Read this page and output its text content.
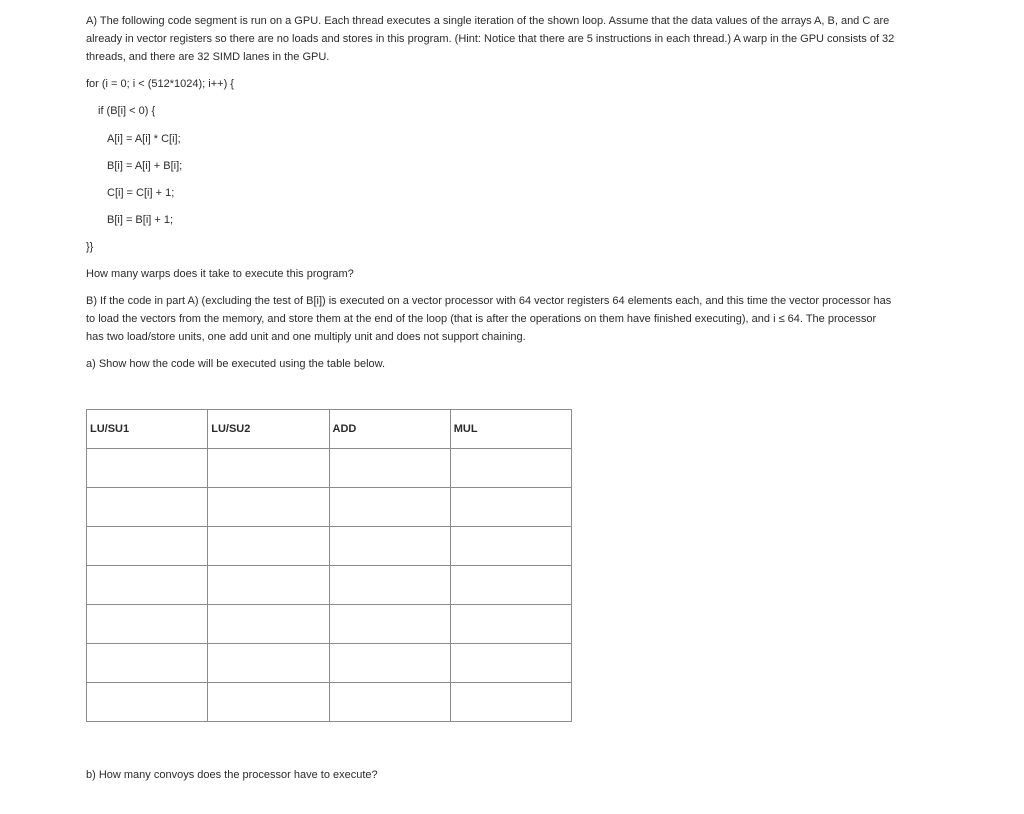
A) The following code segment is run on a GPU. Each thread executes a single iteration of the shown loop. Assume that the data values of the arrays A, B, and C are already in vector registers so there are no loads and stores in this program. (Hint: Notice that there are 5 instructions in each thread.) A warp in the GPU consists of 32 threads, and there are 32 SIMD lanes in the GPU.

for (i = 0; i < (512*1024); i++) {

if (B[i] < 0) {

A[i] = A[i] * C[i];

B[i] = A[i] + B[i];

C[i] = C[i] + 1;

B[i] = B[i] + 1;

}}

How many warps does it take to execute this program?

B) If the code in part A) (excluding the test of B[i]) is executed on a vector processor with 64 vector registers 64 elements each, and this time the vector processor has to load the vectors from the memory, and store them at the end of the loop (that is after the operations on them have finished executing), and i ≤ 64. The processor has two load/store units, one add unit and one multiply unit and does not support chaining.

a) Show how the code will be executed using the table below.

LU/SU1	LU/SU2	ADD	MUL

b) How many convoys does the processor have to execute?
